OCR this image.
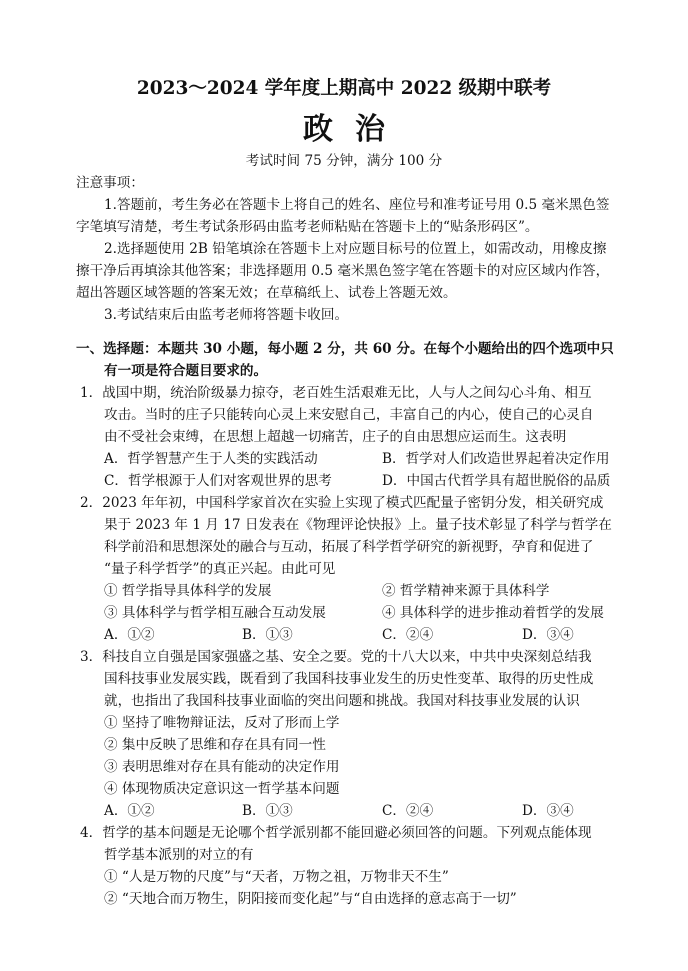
2023～2024 学年度上期高中 2022 级期中联考
政治
考试时间 75 分钟，满分 100 分
注意事项：
1.答题前，考生务必在答题卡上将自己的姓名、座位号和准考证号用 0.5 毫米黑色签
字笔填写清楚，考生考试条形码由监考老师粘贴在答题卡上的“贴条形码区”。
2.选择题使用 2B 铅笔填涂在答题卡上对应题目标号的位置上，如需改动，用橡皮擦
擦干净后再填涂其他答案；非选择题用 0.5 毫米黑色签字笔在答题卡的对应区域内作答，
超出答题区域答题的答案无效；在草稿纸上、试卷上答题无效。
3.考试结束后由监考老师将答题卡收回。
一、选择题：本题共 30 小题，每小题 2 分，共 60 分。在每个小题给出的四个选项中只
有一项是符合题目要求的。
1．战国中期，统治阶级暴力掠夺，老百姓生活艰难无比，人与人之间勾心斗角、相互
攻击。当时的庄子只能转向心灵上来安慰自己，丰富自己的内心，使自己的心灵自
由不受社会束缚，在思想上超越一切痛苦，庄子的自由思想应运而生。这表明
A．哲学智慧产生于人类的实践活动	B．哲学对人们改造世界起着决定作用
C．哲学根源于人们对客观世界的思考	D．中国古代哲学具有超世脱俗的品质
2．2023 年年初，中国科学家首次在实验上实现了模式匹配量子密钥分发，相关研究成
果于 2023 年 1 月 17 日发表在《物理评论快报》上。量子技术彰显了科学与哲学在
科学前沿和思想深处的融合与互动，拓展了科学哲学研究的新视野，孕育和促进了
“量子科学哲学”的真正兴起。由此可见
① 哲学指导具体科学的发展	② 哲学精神来源于具体科学
③ 具体科学与哲学相互融合互动发展	④ 具体科学的进步推动着哲学的发展
A．①②	B．①③	C．②④	D．③④
3．科技自立自强是国家强盛之基、安全之要。党的十八大以来，中共中央深刻总结我
国科技事业发展实践，既看到了我国科技事业发生的历史性变革、取得的历史性成
就，也指出了我国科技事业面临的突出问题和挑战。我国对科技事业发展的认识
① 坚持了唯物辩证法，反对了形而上学
② 集中反映了思维和存在具有同一性
③ 表明思维对存在具有能动的决定作用
④ 体现物质决定意识这一哲学基本问题
A．①②	B．①③	C．②④	D．③④
4．哲学的基本问题是无论哪个哲学派别都不能回避必须回答的问题。下列观点能体现
哲学基本派别的对立的有
① “人是万物的尺度”与“天者，万物之祖，万物非天不生”
② “天地合而万物生，阴阳接而变化起”与“自由选择的意志高于一切”
